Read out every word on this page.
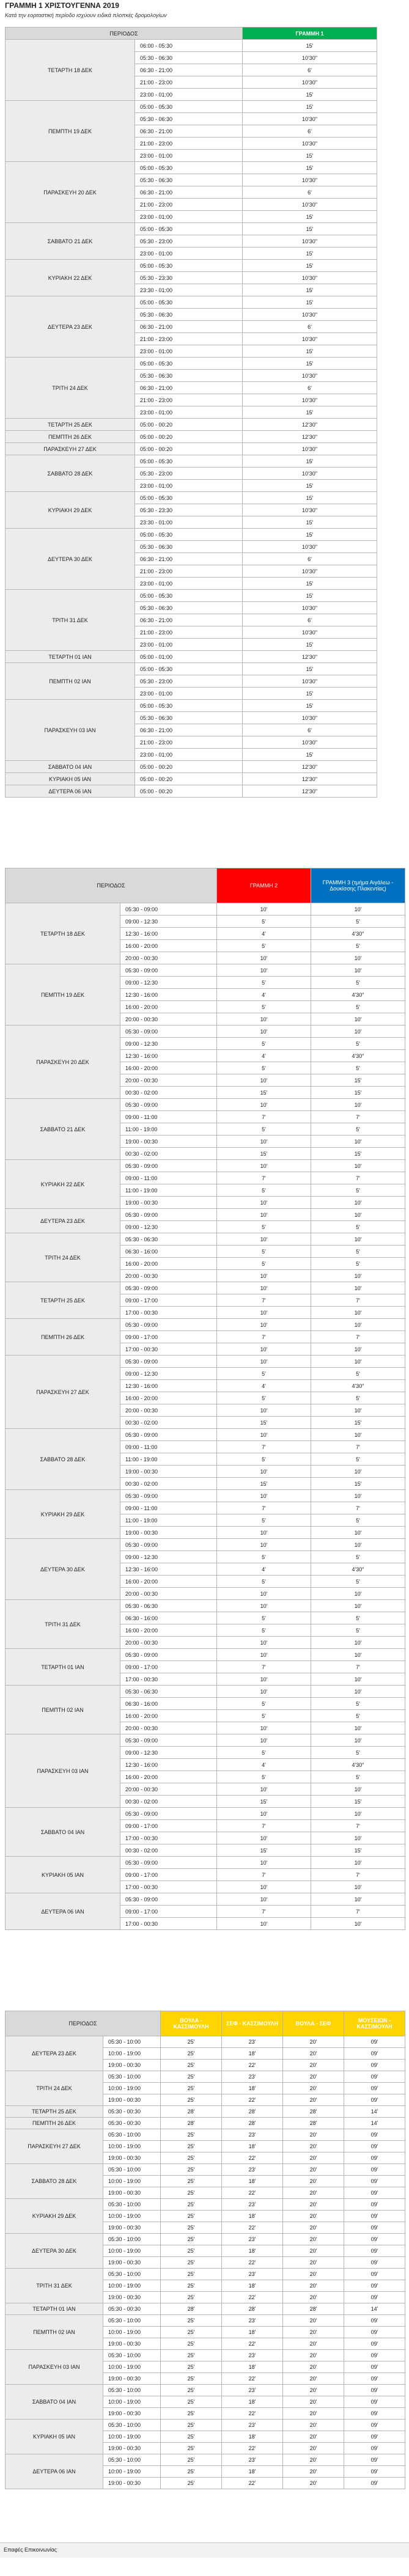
ΓΡΑΜΜΗ 1 ΧΡΙΣΤΟΥΓΕΝΝΑ 2019
Κατά την εορταστική περίοδο ισχύουν ειδικά πλοπκές δρομολογίων
ΠΕΡΙΟΔΟΣ		ΓΡΑΜΜΗ 1
ΤΕΤΑΡΤΗ 18 ΔΕΚ	06:00 - 05:30	15'
	05:30 - 06:30	10'30"
	06:30 - 21:00	6'
	21:00 - 23:00	10'30"
	23:00 - 01:00	15'
ΠΕΜΠΤΗ 19 ΔΕΚ	05:00 - 05:30	15'
	05:30 - 06:30	10'30"
	06:30 - 21:00	6'
	21:00 - 23:00	10'30"
	23:00 - 01:00	15'
ΠΑΡΑΣΚΕΥΗ 20 ΔΕΚ	05:00 - 05:30	15'
	05:30 - 06:30	10'30"
	06:30 - 21:00	6'
	21:00 - 23:00	10'30"
	23:00 - 01:00	15'
ΣΑΒΒΑΤΟ 21 ΔΕΚ	05:00 - 05:30	15'
	05:30 - 23:00	10'30"
	23:00 - 01:00	15'
ΚΥΡΙΑΚΗ 22 ΔΕΚ	05:00 - 05:30	15'
	05:30 - 23:30	10'30"
	23:30 - 01:00	15'
ΔΕΥΤΕΡΑ 23 ΔΕΚ	05:00 - 05:30	15'
	05:30 - 06:30	10'30"
	06:30 - 21:00	6'
	21:00 - 23:00	10'30"
	23:00 - 01:00	15'
ΤΡΙΤΗ 24 ΔΕΚ	05:00 - 05:30	15'
	05:30 - 06:30	10'30"
	06:30 - 21:00	6'
	21:00 - 23:00	10'30"
	23:00 - 01:00	15'
ΤΕΤΑΡΤΗ 25 ΔΕΚ	05:00 - 00:20	12'30"
ΠΕΜΠΤΗ 26 ΔΕΚ	05:00 - 00:20	12'30"
ΠΑΡΑΣΚΕΥΗ 27 ΔΕΚ	05:00 - 00:20	10'30"
ΣΑΒΒΑΤΟ 28 ΔΕΚ	05:00 - 05:30	15'
	05:30 - 23:00	10'30"
	23:00 - 01:00	15'
ΚΥΡΙΑΚΗ 29 ΔΕΚ	05:00 - 05:30	15'
	05:30 - 23:30	10'30"
	23:30 - 01:00	15'
ΔΕΥΤΕΡΑ 30 ΔΕΚ	05:00 - 05:30	15'
	05:30 - 06:30	10'30"
	06:30 - 21:00	6'
	21:00 - 23:00	10'30"
	23:00 - 01:00	15'
ΤΡΙΤΗ 31 ΔΕΚ	05:00 - 05:30	15'
	05:30 - 06:30	10'30"
	06:30 - 21:00	6'
	21:00 - 23:00	10'30"
	23:00 - 01:00	15'
ΤΕΤΑΡΤΗ 01 ΙΑΝ	05:00 - 01:00	12'30"
ΠΕΜΠΤΗ 02 ΙΑΝ	05:00 - 05:30	15'
	05:30 - 23:00	10'30"
	23:00 - 01:00	15'
ΠΑΡΑΣΚΕΥΗ 03 ΙΑΝ	05:00 - 05:30	15'
	05:30 - 06:30	10'30"
	06:30 - 21:00	6'
	21:00 - 23:00	10'30"
	23:00 - 01:00	15'
ΣΑΒΒΑΤΟ 04 ΙΑΝ	05:00 - 00:20	12'30"
ΚΥΡΙΑΚΗ 05 ΙΑΝ	05:00 - 00:20	12'30"
ΔΕΥΤΕΡΑ 06 ΙΑΝ	05:00 - 00:20	12'30"
ΠΕΡΙΟΔΟΣ		ΓΡΑΜΜΗ 2	ΓΡΑΜΜΗ 3 (τμήμα Αιγάλεω - Δουκίσσης Πλακεντίας)
ΤΕΤΑΡΤΗ 18 ΔΕΚ	05:30 - 09:00	10'	10'
	09:00 - 12:30	5'	5'
	12:30 - 16:00	4'	4'30"
	16:00 - 20:00	5'	5'
	20:00 - 00:30	10'	10'
ΠΕΜΠΤΗ 19 ΔΕΚ	05:30 - 09:00	10'	10'
	09:00 - 12:30	5'	5'
	12:30 - 16:00	4'	4'30"
	16:00 - 20:00	5'	5'
	20:00 - 00:30	10'	10'
ΠΑΡΑΣΚΕΥΗ 20 ΔΕΚ	05:30 - 09:00	10'	10'
	09:00 - 12:30	5'	5'
	12:30 - 16:00	4'	4'30"
	16:00 - 20:00	5'	5'
	20:00 - 00:30	10'	15'
	00:30 - 02:00	15'	15'
ΣΑΒΒΑΤΟ 21 ΔΕΚ	05:30 - 09:00	10'	10'
	09:00 - 11:00	7'	7'
	11:00 - 19:00	5'	5'
	19:00 - 00:30	10'	10'
	00:30 - 02:00	15'	15'
ΚΥΡΙΑΚΗ 22 ΔΕΚ	05:30 - 09:00	10'	10'
	09:00 - 11:00	7'	7'
	11:00 - 19:00	5'	5'
	19:00 - 00:30	10'	10'
ΔΕΥΤΕΡΑ 23 ΔΕΚ	05:30 - 09:00	10'	10'
	09:00 - 12:30	5'	5'
ΤΡΙΤΗ 24 ΔΕΚ	05:30 - 06:30	10'	10'
	06:30 - 16:00	5'	5'
	16:00 - 20:00	5'	5'
	20:00 - 00:30	10'	10'
ΤΕΤΑΡΤΗ 25 ΔΕΚ	05:30 - 09:00	10'	10'
	09:00 - 17:00	7'	7'
	17:00 - 00:30	10'	10'
ΠΕΜΠΤΗ 26 ΔΕΚ	05:30 - 09:00	10'	10'
	09:00 - 17:00	7'	7'
	17:00 - 00:30	10'	10'
ΠΑΡΑΣΚΕΥΗ 27 ΔΕΚ	05:30 - 09:00	10'	10'
	09:00 - 12:30	5'	5'
	12:30 - 16:00	4'	4'30"
	16:00 - 20:00	5'	5'
	20:00 - 00:30	10'	10'
	00:30 - 02:00	15'	15'
ΣΑΒΒΑΤΟ 28 ΔΕΚ	05:30 - 09:00	10'	10'
	09:00 - 11:00	7'	7'
	11:00 - 19:00	5'	5'
	19:00 - 00:30	10'	10'
	00:30 - 02:00	15'	15'
ΚΥΡΙΑΚΗ 29 ΔΕΚ	05:30 - 09:00	10'	10'
	09:00 - 11:00	7'	7'
	11:00 - 19:00	5'	5'
	19:00 - 00:30	10'	10'
ΔΕΥΤΕΡΑ 30 ΔΕΚ	05:30 - 09:00	10'	10'
	09:00 - 12:30	5'	5'
	12:30 - 16:00	4'	4'30"
	16:00 - 20:00	5'	5'
	20:00 - 00:30	10'	10'
ΤΡΙΤΗ 31 ΔΕΚ	05:30 - 06:30	10'	10'
	06:30 - 16:00	5'	5'
	16:00 - 20:00	5'	5'
	20:00 - 00:30	10'	10'
ΤΕΤΑΡΤΗ 01 ΙΑΝ	05:30 - 09:00	10'	10'
	09:00 - 17:00	7'	7'
	17:00 - 00:30	10'	10'
ΠΕΜΠΤΗ 02 ΙΑΝ	05:30 - 06:30	10'	10'
	06:30 - 16:00	5'	5'
	16:00 - 20:00	5'	5'
	20:00 - 00:30	10'	10'
ΠΑΡΑΣΚΕΥΗ 03 ΙΑΝ	05:30 - 09:00	10'	10'
	09:00 - 12:30	5'	5'
	12:30 - 16:00	4'	4'30"
	16:00 - 20:00	5'	5'
	20:00 - 00:30	10'	10'
	00:30 - 02:00	15'	15'
ΣΑΒΒΑΤΟ 04 ΙΑΝ	05:30 - 09:00	10'	10'
	09:00 - 17:00	7'	7'
	17:00 - 00:30	10'	10'
	00:30 - 02:00	15'	15'
ΚΥΡΙΑΚΗ 05 ΙΑΝ	05:30 - 09:00	10'	10'
	09:00 - 17:00	7'	7'
	17:00 - 00:30	10'	10'
ΔΕΥΤΕΡΑ 06 ΙΑΝ	05:30 - 09:00	10'	10'
	09:00 - 17:00	7'	7'
	17:00 - 00:30	10'	10'
ΠΕΡΙΟΔΟΣ		ΒΟΥΛΑ - ΚΑΣΣΙΜΟΥΛΗ	ΣΕΦ - ΚΑΣΣΙΜΟΥΛΗ	ΒΟΥΛΑ - ΣΕΦ	ΜΟΥΣΕΙΩΝ - ΚΑΣΣΙΜΟΥΛΗ
ΔΕΥΤΕΡΑ 23 ΔΕΚ	05:30 - 10:00	25'	23'	20'	09'
	10:00 - 19:00	25'	18'	20'	09'
	19:00 - 00:30	25'	22'	20'	09'
ΤΡΙΤΗ 24 ΔΕΚ	05:30 - 10:00	25'	23'	20'	09'
	10:00 - 19:00	25'	18'	20'	09'
	19:00 - 00:30	25'	22'	20'	09'
ΤΕΤΑΡΤΗ 25 ΔΕΚ	05:30 - 00:30	28'	28'	28'	14'
ΠΕΜΠΤΗ 26 ΔΕΚ	05:30 - 00:30	28'	28'	28'	14'
ΠΑΡΑΣΚΕΥΗ 27 ΔΕΚ	05:30 - 10:00	25'	23'	20'	09'
	10:00 - 19:00	25'	18'	20'	09'
	19:00 - 00:30	25'	22'	20'	09'
ΣΑΒΒΑΤΟ 28 ΔΕΚ	05:30 - 10:00	25'	23'	20'	09'
	10:00 - 19:00	25'	18'	20'	09'
	19:00 - 00:30	25'	22'	20'	09'
ΚΥΡΙΑΚΗ 29 ΔΕΚ	05:30 - 10:00	25'	23'	20'	09'
	10:00 - 19:00	25'	18'	20'	09'
	19:00 - 00:30	25'	22'	20'	09'
ΔΕΥΤΕΡΑ 30 ΔΕΚ	05:30 - 10:00	25'	23'	20'	09'
	10:00 - 19:00	25'	18'	20'	09'
	19:00 - 00:30	25'	22'	20'	09'
ΤΡΙΤΗ 31 ΔΕΚ	05:30 - 10:00	25'	23'	20'	09'
	10:00 - 19:00	25'	18'	20'	09'
	19:00 - 00:30	25'	22'	20'	09'
ΤΕΤΑΡΤΗ 01 ΙΑΝ	05:30 - 00:30	28'	28'	28'	14'
ΠΕΜΠΤΗ 02 ΙΑΝ	05:30 - 10:00	25'	23'	20'	09'
	10:00 - 19:00	25'	18'	20'	09'
	19:00 - 00:30	25'	22'	20'	09'
ΠΑΡΑΣΚΕΥΗ 03 ΙΑΝ	05:30 - 10:00	25'	23'	20'	09'
	10:00 - 19:00	25'	18'	20'	09'
	19:00 - 00:30	25'	22'	20'	09'
ΣΑΒΒΑΤΟ 04 ΙΑΝ	05:30 - 10:00	25'	23'	20'	09'
	10:00 - 19:00	25'	18'	20'	09'
	19:00 - 00:30	25'	22'	20'	09'
ΚΥΡΙΑΚΗ 05 ΙΑΝ	05:30 - 10:00	25'	23'	20'	09'
	10:00 - 19:00	25'	18'	20'	09'
	19:00 - 00:30	25'	22'	20'	09'
ΔΕΥΤΕΡΑ 06 ΙΑΝ	05:30 - 10:00	25'	23'	20'	09'
	10:00 - 19:00	25'	18'	20'	09'
	19:00 - 00:30	25'	22'	20'	09'
Επαφές Επικοινωνίας
